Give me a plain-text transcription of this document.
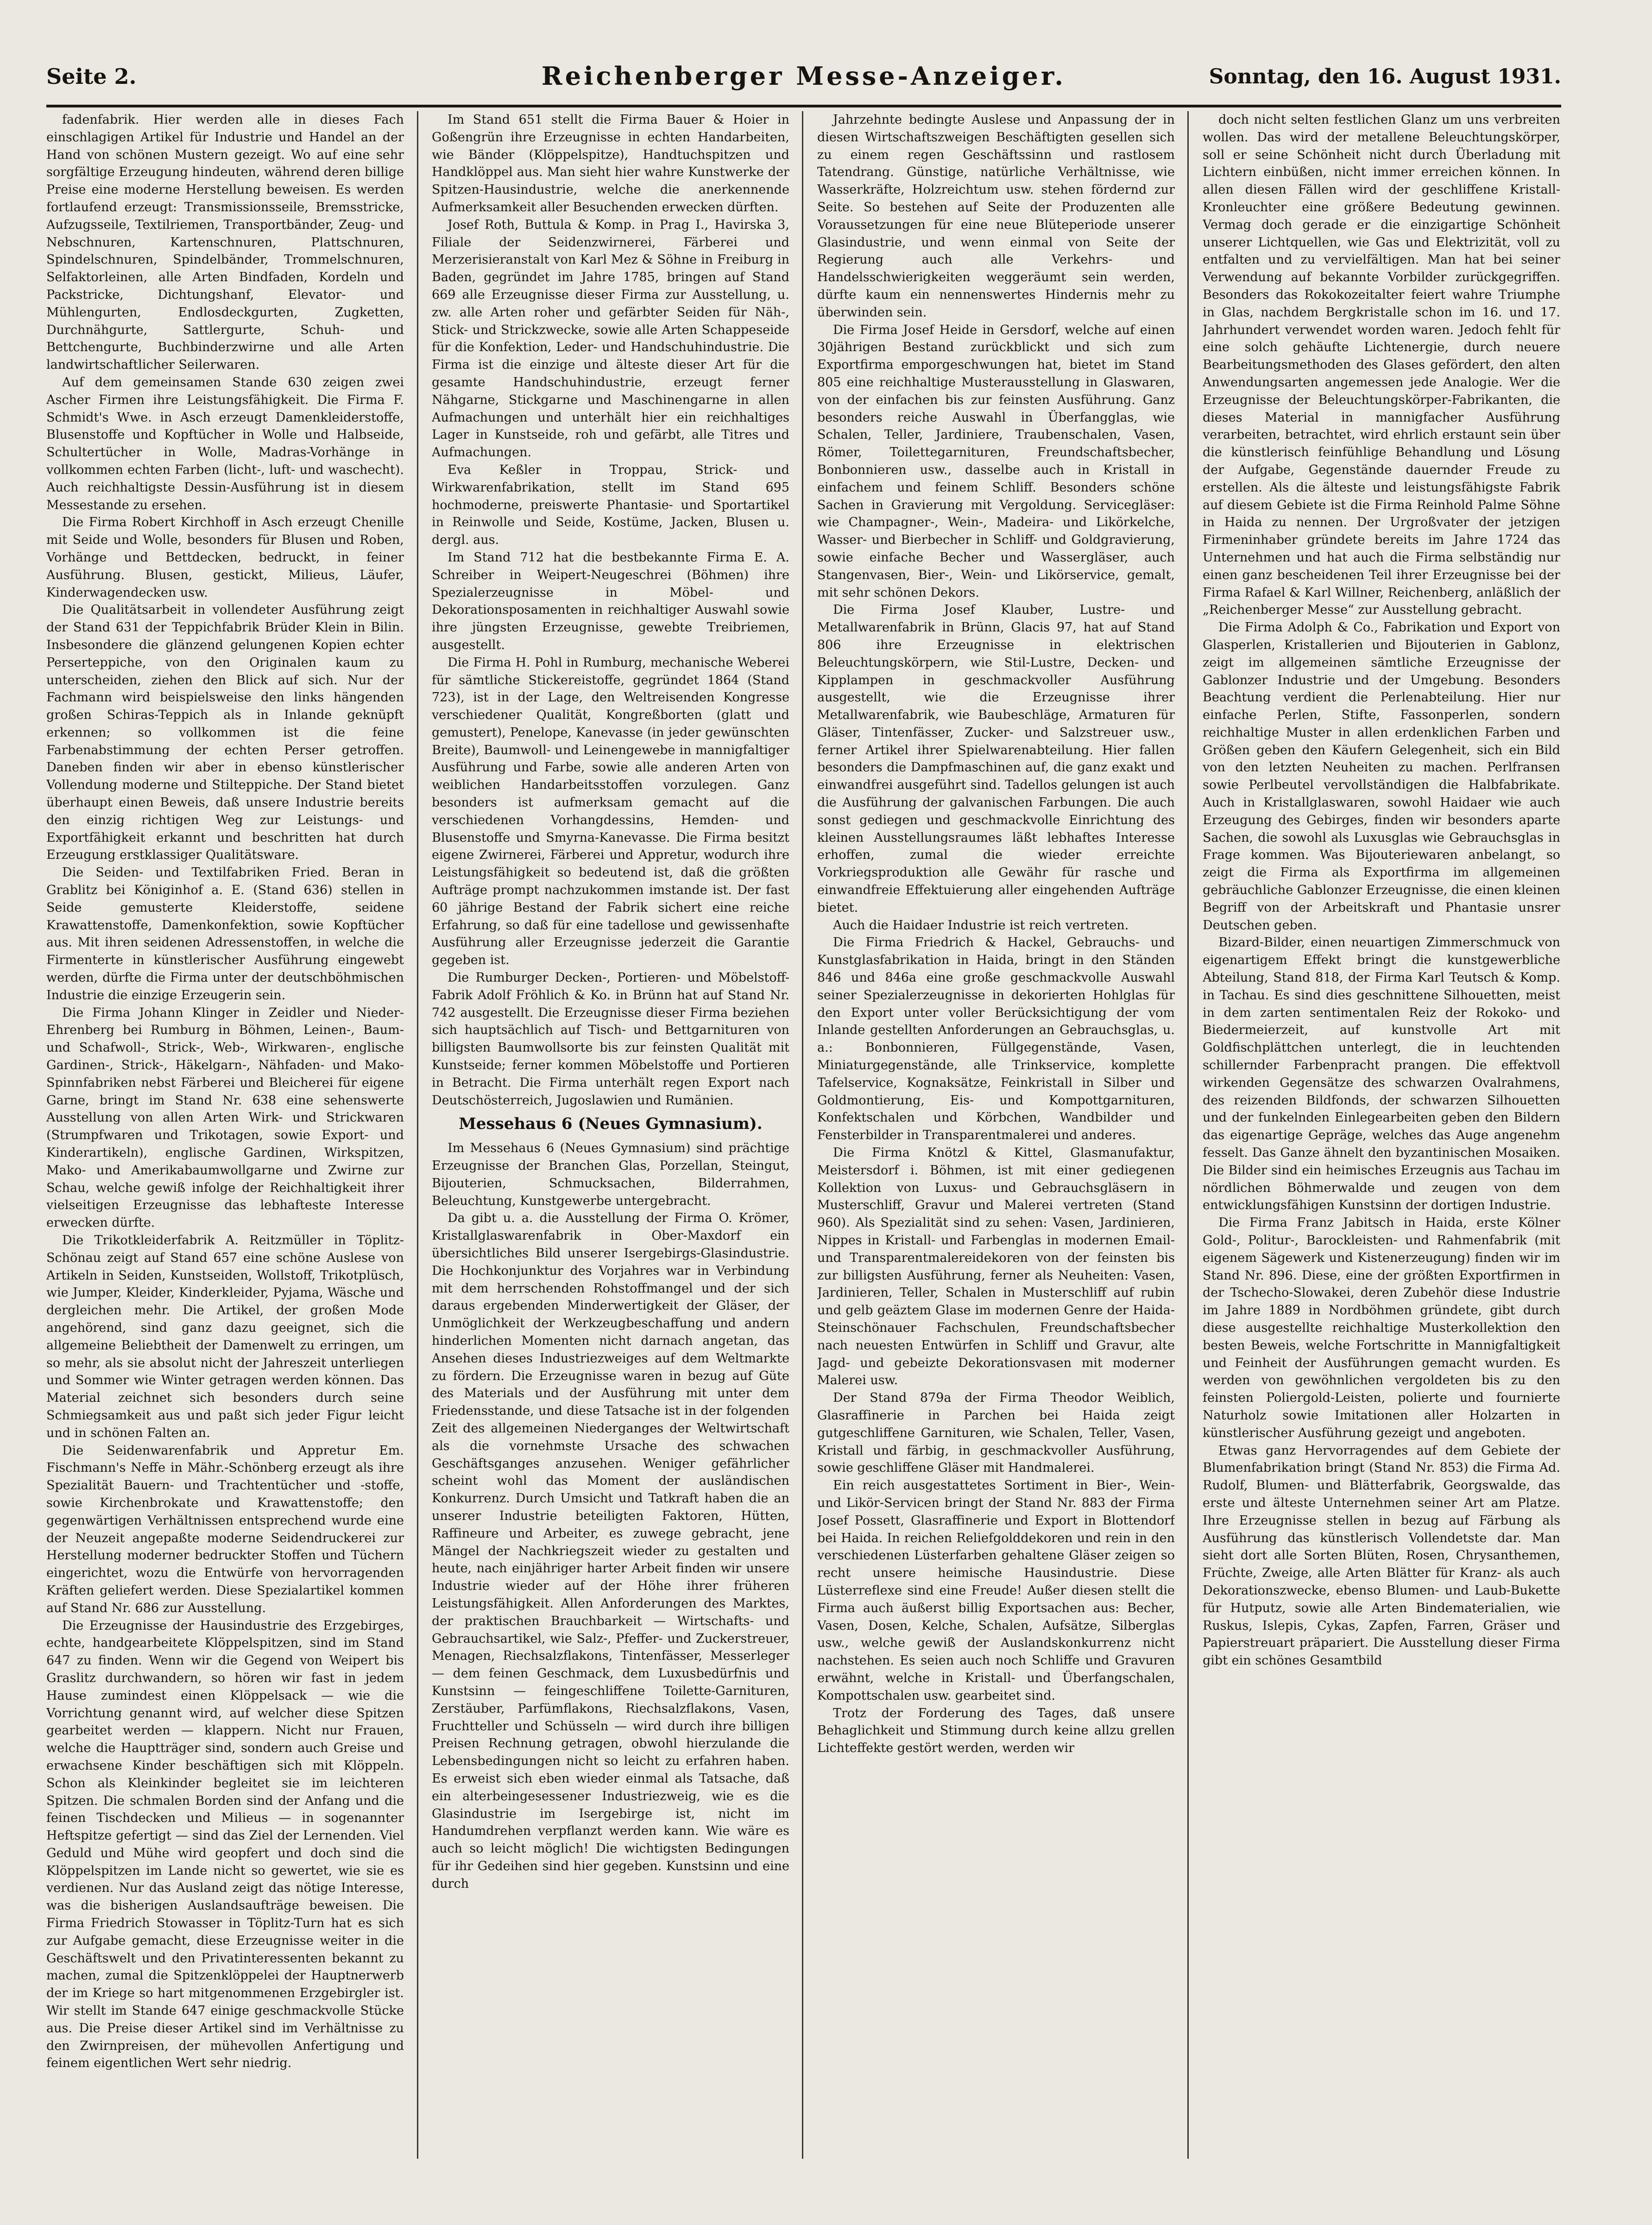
Seite 2.	Reichenberger Messe-Anzeiger.	Sonntag, den 16. August 1931.

fadenfabrik. Hier werden alle in dieses Fach einschlagigen Artikel für Industrie und Handel an der Hand von schönen Mustern gezeigt. Wo auf eine sehr sorgfältige Erzeugung hindeuten, während deren billige Preise eine moderne Herstellung beweisen. Es werden fortlaufend erzeugt: Transmissionsseile, Bremsstricke, Aufzugsseile, Textilriemen, Transportbänder, Zeug- und Nebschnuren, Kartenschnuren, Plattschnuren, Spindelschnuren, Spindelbänder, Trommelschnuren, Selfaktorleinen, alle Arten Bindfaden, Kordeln und Packstricke, Dichtungshanf, Elevator- und Mühlengurten, Endlosdeckgurten, Zugketten, Durchnähgurte, Sattlergurte, Schuh- und Bettchengurte, Buchbinderzwirne und alle Arten landwirtschaftlicher Seilerwaren.

Auf dem gemeinsamen Stande 630 zeigen zwei Ascher Firmen ihre Leistungsfähigkeit. Die Firma F. Schmidt's Wwe. in Asch erzeugt Damenkleiderstoffe, Blusenstoffe und Kopftücher in Wolle und Halbseide, Schultertücher in Wolle, Madras-Vorhänge in vollkommen echten Farben (licht-, luft- und waschecht). Auch reichhaltigste Dessin-Ausführung ist in diesem Messestande zu ersehen.

Die Firma Robert Kirchhoff in Asch erzeugt Chenille mit Seide und Wolle, besonders für Blusen und Roben, Vorhänge und Bettdecken, bedruckt, in feiner Ausführung. Blusen, gestickt, Milieus, Läufer, Kinderwagendecken usw.

Die Qualitätsarbeit in vollendeter Ausführung zeigt der Stand 631 der Teppichfabrik Brüder Klein in Bilin. Insbesondere die glänzend gelungenen Kopien echter Perserteppiche, von den Originalen kaum zu unterscheiden, ziehen den Blick auf sich. Nur der Fachmann wird beispielsweise den links hängenden großen Schiras-Teppich als in Inlande geknüpft erkennen; so vollkommen ist die feine Farbenabstimmung der echten Perser getroffen. Daneben finden wir aber in ebenso künstlerischer Vollendung moderne und Stilteppiche. Der Stand bietet überhaupt einen Beweis, daß unsere Industrie bereits den einzig richtigen Weg zur Leistungs- und Exportfähigkeit erkannt und beschritten hat durch Erzeugung erstklassiger Qualitätsware.

Die Seiden- und Textilfabriken Fried. Beran in Grablitz bei Königinhof a. E. (Stand 636) stellen in Seide gemusterte Kleiderstoffe, seidene Krawattenstoffe, Damenkonfektion, sowie Kopftücher aus. Mit ihren seidenen Adressenstoffen, in welche die Firmenterte in künstlerischer Ausführung eingewebt werden, dürfte die Firma unter der deutschböhmischen Industrie die einzige Erzeugerin sein.

Die Firma Johann Klinger in Zeidler und Nieder-Ehrenberg bei Rumburg in Böhmen, Leinen-, Baum- und Schafwoll-, Strick-, Web-, Wirkwaren-, englische Gardinen-, Strick-, Häkelgarn-, Nähfaden- und Mako-Spinnfabriken nebst Färberei und Bleicherei für eigene Garne, bringt im Stand Nr. 638 eine sehenswerte Ausstellung von allen Arten Wirk- und Strickwaren (Strumpfwaren und Trikotagen, sowie Export- und Kinderartikeln), englische Gardinen, Wirkspitzen, Mako- und Amerikabaumwollgarne und Zwirne zur Schau, welche gewiß infolge der Reichhaltigkeit ihrer vielseitigen Erzeugnisse das lebhafteste Interesse erwecken dürfte.

Die Trikotkleiderfabrik A. Reitzmüller in Töplitz-Schönau zeigt auf Stand 657 eine schöne Auslese von Artikeln in Seiden, Kunstseiden, Wollstoff, Trikotplüsch, wie Jumper, Kleider, Kinderkleider, Pyjama, Wäsche und dergleichen mehr. Die Artikel, der großen Mode angehörend, sind ganz dazu geeignet, sich die allgemeine Beliebtheit der Damenwelt zu erringen, um so mehr, als sie absolut nicht der Jahreszeit unterliegen und Sommer wie Winter getragen werden können. Das Material zeichnet sich besonders durch seine Schmiegsamkeit aus und paßt sich jeder Figur leicht und in schönen Falten an.

Die Seidenwarenfabrik und Appretur Em. Fischmann's Neffe in Mähr.-Schönberg erzeugt als ihre Spezialität Bauern- und Trachtentücher und -stoffe, sowie Kirchenbrokate und Krawattenstoffe; den gegenwärtigen Verhältnissen entsprechend wurde eine der Neuzeit angepaßte moderne Seidendruckerei zur Herstellung moderner bedruckter Stoffen und Tüchern eingerichtet, wozu die Entwürfe von hervorragenden Kräften geliefert werden. Diese Spezialartikel kommen auf Stand Nr. 686 zur Ausstellung.

Die Erzeugnisse der Hausindustrie des Erzgebirges, echte, handgearbeitete Klöppelspitzen, sind im Stand 647 zu finden. Wenn wir die Gegend von Weipert bis Graslitz durchwandern, so hören wir fast in jedem Hause zumindest einen Klöppelsack — wie die Vorrichtung genannt wird, auf welcher diese Spitzen gearbeitet werden — klappern. Nicht nur Frauen, welche die Hauptträger sind, sondern auch Greise und erwachsene Kinder beschäftigen sich mit Klöppeln. Schon als Kleinkinder begleitet sie im leichteren Spitzen. Die schmalen Borden sind der Anfang und die feinen Tischdecken und Milieus — in sogenannter Heftspitze gefertigt — sind das Ziel der Lernenden. Viel Geduld und Mühe wird geopfert und doch sind die Klöppelspitzen im Lande nicht so gewertet, wie sie es verdienen. Nur das Ausland zeigt das nötige Interesse, was die bisherigen Auslandsaufträge beweisen. Die Firma Friedrich Stowasser in Töplitz-Turn hat es sich zur Aufgabe gemacht, diese Erzeugnisse weiter in die Geschäftswelt und den Privatinteressenten bekannt zu machen, zumal die Spitzenklöppelei der Hauptnerwerb der im Kriege so hart mitgenommenen Erzgebirgler ist. Wir stellt im Stande 647 einige geschmackvolle Stücke aus. Die Preise dieser Artikel sind im Verhältnisse zu den Zwirnpreisen, der mühevollen Anfertigung und feinem eigentlichen Wert sehr niedrig.

Im Stand 651 stellt die Firma Bauer & Hoier in Goßengrün ihre Erzeugnisse in echten Handarbeiten, wie Bänder (Klöppelspitze), Handtuchspitzen und Handklöppel aus. Man sieht hier wahre Kunstwerke der Spitzen-Hausindustrie, welche die anerkennende Aufmerksamkeit aller Besuchenden erwecken dürften.

Josef Roth, Buttula & Komp. in Prag I., Havirska 3, Filiale der Seidenzwirnerei, Färberei und Merzerisieranstalt von Karl Mez & Söhne in Freiburg in Baden, gegründet im Jahre 1785, bringen auf Stand 669 alle Erzeugnisse dieser Firma zur Ausstellung, u. zw. alle Arten roher und gefärbter Seiden für Näh-, Stick- und Strickzwecke, sowie alle Arten Schappeseide für die Konfektion, Leder- und Handschuhindustrie. Die Firma ist die einzige und älteste dieser Art für die gesamte Handschuhindustrie, erzeugt ferner Nähgarne, Stickgarne und Maschinengarne in allen Aufmachungen und unterhält hier ein reichhaltiges Lager in Kunstseide, roh und gefärbt, alle Titres und Aufmachungen.

Eva Keßler in Troppau, Strick- und Wirkwarenfabrikation, stellt im Stand 695 hochmoderne, preiswerte Phantasie- und Sportartikel in Reinwolle und Seide, Kostüme, Jacken, Blusen u. dergl. aus.

Im Stand 712 hat die bestbekannte Firma E. A. Schreiber in Weipert-Neugeschrei (Böhmen) ihre Spezialerzeugnisse in Möbel- und Dekorationsposamenten in reichhaltiger Auswahl sowie ihre jüngsten Erzeugnisse, gewebte Treibriemen, ausgestellt.

Die Firma H. Pohl in Rumburg, mechanische Weberei für sämtliche Stickereistoffe, gegründet 1864 (Stand 723), ist in der Lage, den Weltreisenden Kongresse verschiedener Qualität, Kongreßborten (glatt und gemustert), Penelope, Kanevasse (in jeder gewünschten Breite), Baumwoll- und Leinengewebe in mannigfaltiger Ausführung und Farbe, sowie alle anderen Arten von weiblichen Handarbeitsstoffen vorzulegen. Ganz besonders ist aufmerksam gemacht auf die verschiedenen Vorhangdessins, Hemden- und Blusenstoffe und Smyrna-Kanevasse. Die Firma besitzt eigene Zwirnerei, Färberei und Appretur, wodurch ihre Leistungsfähigkeit so bedeutend ist, daß die größten Aufträge prompt nachzukommen imstande ist. Der fast 60 jährige Bestand der Fabrik sichert eine reiche Erfahrung, so daß für eine tadellose und gewissenhafte Ausführung aller Erzeugnisse jederzeit die Garantie gegeben ist.

Die Rumburger Decken-, Portieren- und Möbelstoff-Fabrik Adolf Fröhlich & Ko. in Brünn hat auf Stand Nr. 742 ausgestellt. Die Erzeugnisse dieser Firma beziehen sich hauptsächlich auf Tisch- und Bettgarnituren von billigsten Baumwollsorte bis zur feinsten Qualität mit Kunstseide; ferner kommen Möbelstoffe und Portieren in Betracht. Die Firma unterhält regen Export nach Deutschösterreich, Jugoslawien und Rumänien.

Messehaus 6 (Neues Gymnasium).

Im Messehaus 6 (Neues Gymnasium) sind prächtige Erzeugnisse der Branchen Glas, Porzellan, Steingut, Bijouterien, Schmucksachen, Bilderrahmen, Beleuchtung, Kunstgewerbe untergebracht.

Da gibt u. a. die Ausstellung der Firma O. Krömer, Kristallglaswarenfabrik in Ober-Maxdorf ein übersichtliches Bild unserer Isergebirgs-Glasindustrie. Die Hochkonjunktur des Vorjahres war in Verbindung mit dem herrschenden Rohstoffmangel und der sich daraus ergebenden Minderwertigkeit der Gläser, der Unmöglichkeit der Werkzeugbeschaffung und andern hinderlichen Momenten nicht darnach angetan, das Ansehen dieses Industriezweiges auf dem Weltmarkte zu fördern. Die Erzeugnisse waren in bezug auf Güte des Materials und der Ausführung mit unter dem Friedensstande, und diese Tatsache ist in der folgenden Zeit des allgemeinen Niederganges der Weltwirtschaft als die vornehmste Ursache des schwachen Geschäftsganges anzusehen. Weniger gefährlicher scheint wohl das Moment der ausländischen Konkurrenz. Durch Umsicht und Tatkraft haben die an unserer Industrie beteiligten Faktoren, Hütten, Raffineure und Arbeiter, es zuwege gebracht, jene Mängel der Nachkriegszeit wieder zu gestalten und heute, nach einjähriger harter Arbeit finden wir unsere Industrie wieder auf der Höhe ihrer früheren Leistungsfähigkeit. Allen Anforderungen des Marktes, der praktischen Brauchbarkeit — Wirtschafts- und Gebrauchsartikel, wie Salz-, Pfeffer- und Zuckerstreuer, Menagen, Riechsalzflakons, Tintenfässer, Messerleger — dem feinen Geschmack, dem Luxusbedürfnis und Kunstsinn — feingeschliffene Toilette-Garnituren, Zerstäuber, Parfümflakons, Riechsalzflakons, Vasen, Fruchtteller und Schüsseln — wird durch ihre billigen Preisen Rechnung getragen, obwohl hierzulande die Lebensbedingungen nicht so leicht zu erfahren haben. Es erweist sich eben wieder einmal als Tatsache, daß ein alterbeingesessener Industriezweig, wie es die Glasindustrie im Isergebirge ist, nicht im Handumdrehen verpflanzt werden kann. Wie wäre es auch so leicht möglich! Die wichtigsten Bedingungen für ihr Gedeihen sind hier gegeben. Kunstsinn und eine durch

Jahrzehnte bedingte Auslese und Anpassung der in diesen Wirtschaftszweigen Beschäftigten gesellen sich zu einem regen Geschäftssinn und rastlosem Tatendrang. Günstige, natürliche Verhältnisse, wie Wasserkräfte, Holzreichtum usw. stehen fördernd zur Seite. So bestehen auf Seite der Produzenten alle Voraussetzungen für eine neue Blüteperiode unserer Glasindustrie, und wenn einmal von Seite der Regierung auch alle Verkehrs- und Handelsschwierigkeiten weggeräumt sein werden, dürfte kaum ein nennenswertes Hindernis mehr zu überwinden sein.

Die Firma Josef Heide in Gersdorf, welche auf einen 30jährigen Bestand zurückblickt und sich zum Exportfirma emporgeschwungen hat, bietet im Stand 805 eine reichhaltige Musterausstellung in Glaswaren, von der einfachen bis zur feinsten Ausführung. Ganz besonders reiche Auswahl in Überfangglas, wie Schalen, Teller, Jardiniere, Traubenschalen, Vasen, Römer, Toilettegarnituren, Freundschaftsbecher, Bonbonnieren usw., dasselbe auch in Kristall in einfachem und feinem Schliff. Besonders schöne Sachen in Gravierung mit Vergoldung. Servicegläser: wie Champagner-, Wein-, Madeira- und Likörkelche, Wasser- und Bierbecher in Schliff- und Goldgravierung, sowie einfache Becher und Wassergläser, auch Stangenvasen, Bier-, Wein- und Likörservice, gemalt, mit sehr schönen Dekors.

Die Firma Josef Klauber, Lustre- und Metallwarenfabrik in Brünn, Glacis 97, hat auf Stand 806 ihre Erzeugnisse in elektrischen Beleuchtungskörpern, wie Stil-Lustre, Decken- und Kipplampen in geschmackvoller Ausführung ausgestellt, wie die Erzeugnisse ihrer Metallwarenfabrik, wie Baubeschläge, Armaturen für Gläser, Tintenfässer, Zucker- und Salzstreuer usw., ferner Artikel ihrer Spielwarenabteilung. Hier fallen besonders die Dampfmaschinen auf, die ganz exakt und einwandfrei ausgeführt sind. Tadellos gelungen ist auch die Ausführung der galvanischen Farbungen. Die auch sonst gediegen und geschmackvolle Einrichtung des kleinen Ausstellungsraumes läßt lebhaftes Interesse erhoffen, zumal die wieder erreichte Vorkriegsproduktion alle Gewähr für rasche und einwandfreie Effektuierung aller eingehenden Aufträge bietet.

Auch die Haidaer Industrie ist reich vertreten.

Die Firma Friedrich & Hackel, Gebrauchs- und Kunstglasfabrikation in Haida, bringt in den Ständen 846 und 846a eine große geschmackvolle Auswahl seiner Spezialerzeugnisse in dekorierten Hohlglas für den Export unter voller Berücksichtigung der vom Inlande gestellten Anforderungen an Gebrauchsglas, u. a.: Bonbonnieren, Füllgegenstände, Vasen, Miniaturgegenstände, alle Trinkservice, komplette Tafelservice, Kognaksätze, Feinkristall in Silber und Goldmontierung, Eis- und Kompottgarnituren, Konfektschalen und Körbchen, Wandbilder und Fensterbilder in Transparentmalerei und anderes.

Die Firma Knötzl & Kittel, Glasmanufaktur, Meistersdorf i. Böhmen, ist mit einer gediegenen Kollektion von Luxus- und Gebrauchsgläsern in Musterschliff, Gravur und Malerei vertreten (Stand 960). Als Spezialität sind zu sehen: Vasen, Jardinieren, Nippes in Kristall- und Farbenglas in modernen Email- und Transparentmalereidekoren von der feinsten bis zur billigsten Ausführung, ferner als Neuheiten: Vasen, Jardinieren, Teller, Schalen in Musterschliff auf rubin und gelb geäztem Glase im modernen Genre der Haida-Steinschönauer Fachschulen, Freundschaftsbecher nach neuesten Entwürfen in Schliff und Gravur, alte Jagd- und gebeizte Dekorationsvasen mit moderner Malerei usw.

Der Stand 879a der Firma Theodor Weiblich, Glasraffinerie in Parchen bei Haida zeigt gutgeschliffene Garnituren, wie Schalen, Teller, Vasen, Kristall und färbig, in geschmackvoller Ausführung, sowie geschliffene Gläser mit Handmalerei.

Ein reich ausgestattetes Sortiment in Bier-, Wein- und Likör-Servicen bringt der Stand Nr. 883 der Firma Josef Possett, Glasraffinerie und Export in Blottendorf bei Haida. In reichen Reliefgolddekoren und rein in den verschiedenen Lüsterfarben gehaltene Gläser zeigen so recht unsere heimische Hausindustrie. Diese Lüsterreflexe sind eine Freude! Außer diesen stellt die Firma auch äußerst billig Exportsachen aus: Becher, Vasen, Dosen, Kelche, Schalen, Aufsätze, Silberglas usw., welche gewiß der Auslandskonkurrenz nicht nachstehen. Es seien auch noch Schliffe und Gravuren erwähnt, welche in Kristall- und Überfangschalen, Kompottschalen usw. gearbeitet sind.

Trotz der Forderung des Tages, daß unsere Behaglichkeit und Stimmung durch keine allzu grellen Lichteffekte gestört werden, werden wir

doch nicht selten festlichen Glanz um uns verbreiten wollen. Das wird der metallene Beleuchtungskörper, soll er seine Schönheit nicht durch Überladung mit Lichtern einbüßen, nicht immer erreichen können. In allen diesen Fällen wird der geschliffene Kristall-Kronleuchter eine größere Bedeutung gewinnen. Vermag doch gerade er die einzigartige Schönheit unserer Lichtquellen, wie Gas und Elektrizität, voll zu entfalten und zu vervielfältigen. Man hat bei seiner Verwendung auf bekannte Vorbilder zurückgegriffen. Besonders das Rokokozeitalter feiert wahre Triumphe in Glas, nachdem Bergkristalle schon im 16. und 17. Jahrhundert verwendet worden waren. Jedoch fehlt für eine solch gehäufte Lichtenergie, durch neuere Bearbeitungsmethoden des Glases gefördert, den alten Anwendungsarten angemessen jede Analogie. Wer die Erzeugnisse der Beleuchtungskörper-Fabrikanten, die dieses Material in mannigfacher Ausführung verarbeiten, betrachtet, wird ehrlich erstaunt sein über die künstlerisch feinfühlige Behandlung und Lösung der Aufgabe, Gegenstände dauernder Freude zu erstellen. Als die älteste und leistungsfähigste Fabrik auf diesem Gebiete ist die Firma Reinhold Palme Söhne in Haida zu nennen. Der Urgroßvater der jetzigen Firmeninhaber gründete bereits im Jahre 1724 das Unternehmen und hat auch die Firma selbständig nur einen ganz bescheidenen Teil ihrer Erzeugnisse bei der Firma Rafael & Karl Willner, Reichenberg, anläßlich der „Reichenberger Messe“ zur Ausstellung gebracht.

Die Firma Adolph & Co., Fabrikation und Export von Glasperlen, Kristallerien und Bijouterien in Gablonz, zeigt im allgemeinen sämtliche Erzeugnisse der Gablonzer Industrie und der Umgebung. Besonders Beachtung verdient die Perlenabteilung. Hier nur einfache Perlen, Stifte, Fassonperlen, sondern reichhaltige Muster in allen erdenklichen Farben und Größen geben den Käufern Gelegenheit, sich ein Bild von den letzten Neuheiten zu machen. Perlfransen sowie Perlbeutel vervollständigen die Halbfabrikate. Auch in Kristallglaswaren, sowohl Haidaer wie auch Erzeugung des Gebirges, finden wir besonders aparte Sachen, die sowohl als Luxusglas wie Gebrauchsglas in Frage kommen. Was Bijouteriewaren anbelangt, so zeigt die Firma als Exportfirma im allgemeinen gebräuchliche Gablonzer Erzeugnisse, die einen kleinen Begriff von der Arbeitskraft und Phantasie unsrer Deutschen geben.

Bizard-Bilder, einen neuartigen Zimmerschmuck von eigenartigem Effekt bringt die kunstgewerbliche Abteilung, Stand 818, der Firma Karl Teutsch & Komp. in Tachau. Es sind dies geschnittene Silhouetten, meist in dem zarten sentimentalen Reiz der Rokoko- und Biedermeierzeit, auf kunstvolle Art mit Goldfischplättchen unterlegt, die in leuchtenden schillernder Farbenpracht prangen. Die effektvoll wirkenden Gegensätze des schwarzen Ovalrahmens, des reizenden Bildfonds, der schwarzen Silhouetten und der funkelnden Einlegearbeiten geben den Bildern das eigenartige Gepräge, welches das Auge angenehm fesselt. Das Ganze ähnelt den byzantinischen Mosaiken. Die Bilder sind ein heimisches Erzeugnis aus Tachau im nördlichen Böhmerwalde und zeugen von dem entwicklungsfähigen Kunstsinn der dortigen Industrie.

Die Firma Franz Jabitsch in Haida, erste Kölner Gold-, Politur-, Barockleisten- und Rahmenfabrik (mit eigenem Sägewerk und Kistenerzeugung) finden wir im Stand Nr. 896. Diese, eine der größten Exportfirmen in der Tschecho-Slowakei, deren Zubehör diese Industrie im Jahre 1889 in Nordböhmen gründete, gibt durch diese ausgestellte reichhaltige Musterkollektion den besten Beweis, welche Fortschritte in Mannigfaltigkeit und Feinheit der Ausführungen gemacht wurden. Es werden von gewöhnlichen vergoldeten bis zu den feinsten Poliergold-Leisten, polierte und fournierte Naturholz sowie Imitationen aller Holzarten in künstlerischer Ausführung gezeigt und angeboten.

Etwas ganz Hervorragendes auf dem Gebiete der Blumenfabrikation bringt (Stand Nr. 853) die Firma Ad. Rudolf, Blumen- und Blätterfabrik, Georgswalde, das erste und älteste Unternehmen seiner Art am Platze. Ihre Erzeugnisse stellen in bezug auf Färbung als Ausführung das künstlerisch Vollendetste dar. Man sieht dort alle Sorten Blüten, Rosen, Chrysanthemen, Früchte, Zweige, alle Arten Blätter für Kranz- als auch Dekorationszwecke, ebenso Blumen- und Laub-Bukette für Hutputz, sowie alle Arten Bindematerialien, wie Ruskus, Islepis, Cykas, Zapfen, Farren, Gräser und Papierstreuart präpariert. Die Ausstellung dieser Firma gibt ein schönes Gesamtbild
